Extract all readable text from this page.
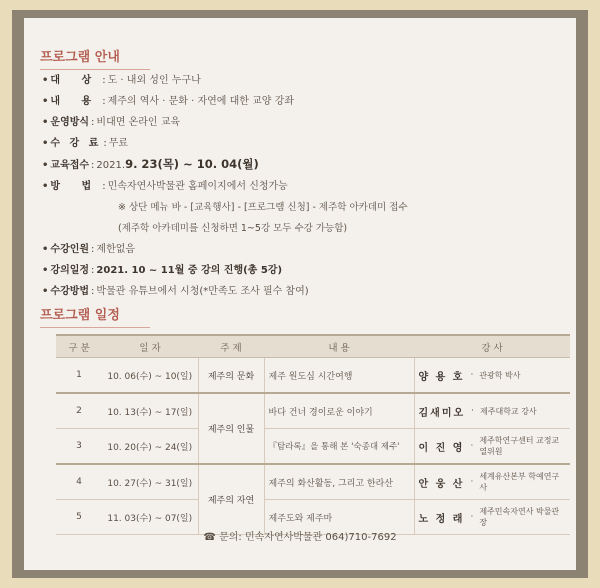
프로그램 안내
• 대 상 : 도 · 내외 성인 누구나
• 내 용 : 제주의 역사 · 문화 · 자연에 대한 교양 강좌
• 운영방식 : 비대면 온라인 교육
• 수 강 료 : 무료
• 교육접수 : 2021. 9. 23(목) ~ 10. 04(월)
• 방 법 : 민속자연사박물관 홈페이지에서 신청가능
※ 상단 메뉴 바 - [교육행사] - [프로그램 신청] - 제주학 아카데미 접수
(제주학 아카데미를 신청하면 1~5강 모두 수강 가능함)
• 수강인원 : 제한없음
• 강의일정 : 2021. 10 ~ 11월 중 강의 진행(총 5강)
• 수강방법 : 박물관 유튜브에서 시청(*만족도 조사 필수 참여)
프로그램 일정
구 분	일 자	주 제	내 용	강 사
1	10. 06(수) ~ 10(일)	제주의 문화	제주 원도심 시간여행	양 용 호 · 관광학 박사

2	10. 13(수) ~ 17(일)	제주의 인물	바다 건너 경이로운 이야기	김새미오 · 제주대학교 강사

3	10. 20(수) ~ 24(일)		『탐라록』을 통해 본 '숙종대 제주'	이 진 영 ·
제주학연구센터 교정교열위원

4	10. 27(수) ~ 31(일)	제주의 자연	제주의 화산활동, 그리고 한라산	안 웅 산 ·
세계유산본부 학예연구사

5	11. 03(수) ~ 07(일)		제주도와 제주마	노 정 래 ·
제주민속자연사 박물관장
☎ 문의: 민속자연사박물관 064)710-7692
